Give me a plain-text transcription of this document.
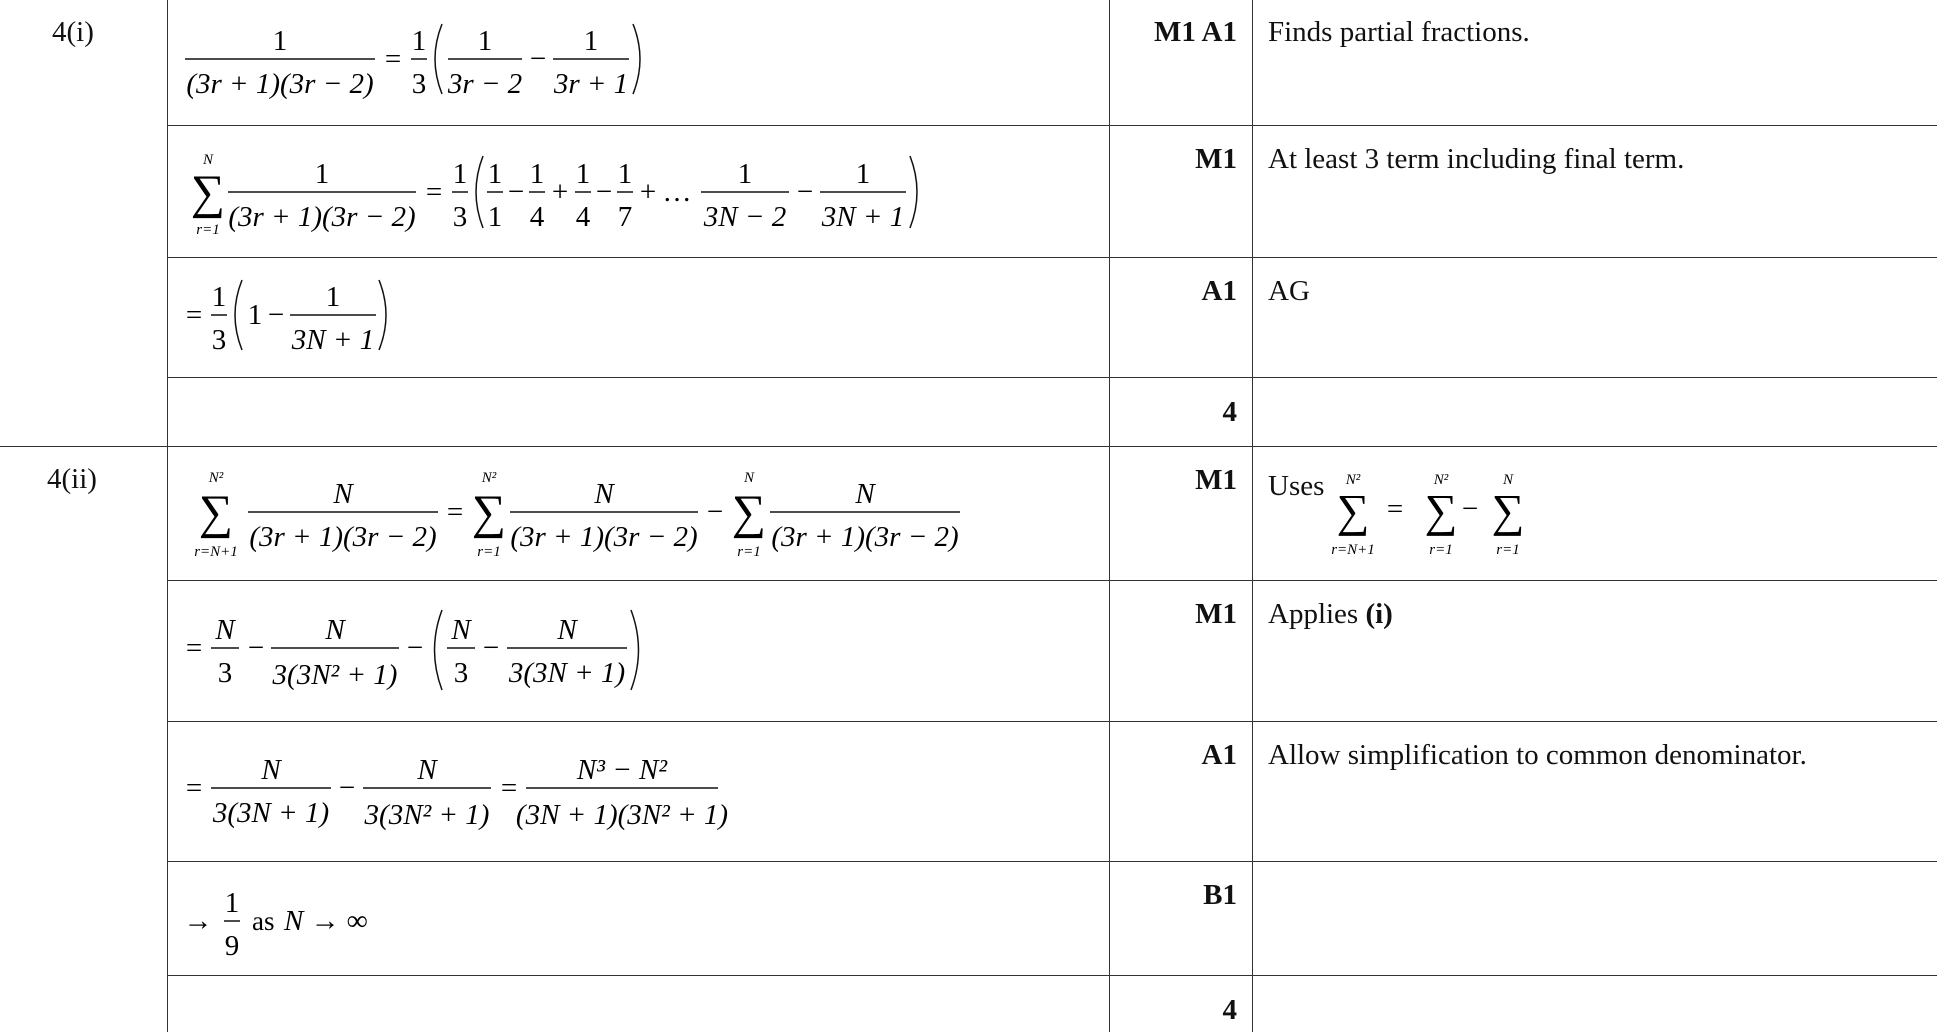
4(i)
4(ii)
M1 A1
M1
A1
4
M1
M1
A1
B1
4
Finds partial fractions.
At least 3 term including final term.
AG
Uses N²
∑
r=N+1
=
N²
∑
r=1
−
N
∑
r=1
Applies (i)
Allow simplification to common denominator.
1
(3r + 1)(3r − 2)
=
1
3
1
3r − 2
−
1
3r + 1
N
∑
r=1
1
(3r + 1)(3r − 2)
=
1
3
1
1
−
1
4
+
1
4
−
1
7
+ …
1
3N − 2
−
1
3N + 1
=
1
3
1 −
1
3N + 1
N²
∑
r=N+1
N
(3r + 1)(3r − 2)
=
N²
∑
r=1
N
(3r + 1)(3r − 2)
−
N
∑
r=1
N
(3r + 1)(3r − 2)
=
N
3
−
N
3(3N² + 1)
−
N
3
−
N
3(3N + 1)
=
N
3(3N + 1)
−
N
3(3N² + 1)
=
N³ − N²
(3N + 1)(3N² + 1)
→
1
9
as N → ∞
